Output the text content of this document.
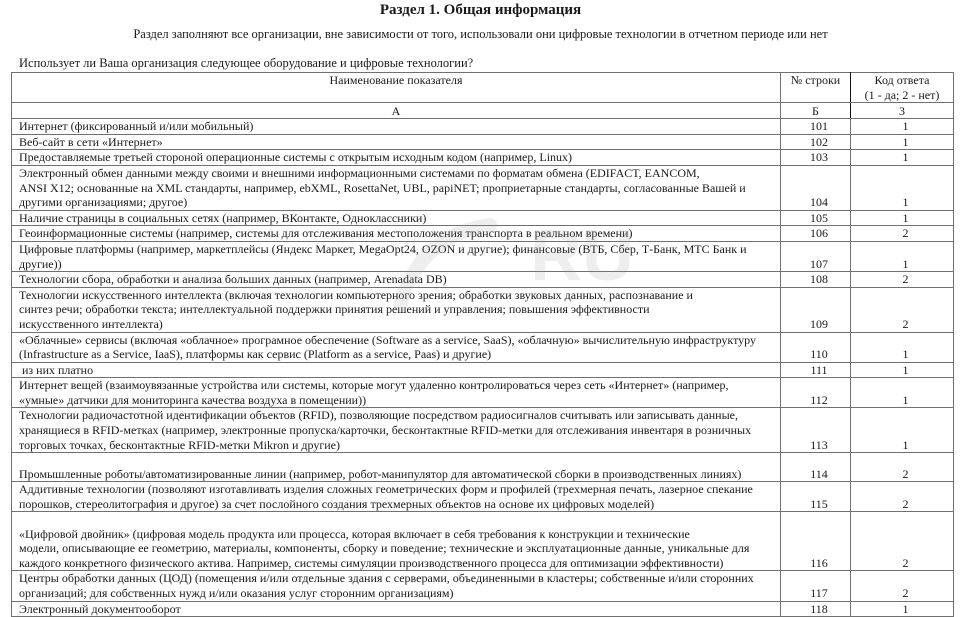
Раздел 1. Общая информация
Раздел заполняют все организации, вне зависимости от того, использовали они цифровые технологии в отчетном периоде или нет
Использует ли Ваша организация следующее оборудование и цифровые технологии?
Наименование показателя	№ строки	Код ответа
(1 - да; 2 - нет)

А	Б	3

Интернет (фиксированный и/или мобильный)	101	1

Веб-сайт в сети «Интернет»	102	1

Предоставляемые третьей стороной операционные системы с открытым исходным кодом (например, Linux)	103	1

Электронный обмен данными между своими и внешними информационными системами по форматам обмена (EDIFACT, EANCOM,
ANSI X12; основанные на XML стандарты, например, ebXML, RosettaNet, UBL, papiNET; проприетарные стандарты, согласованные Вашей и
другими организациями; другое)	104	1

Наличие страницы в социальных сетях (например, ВКонтакте, Одноклассники)	105	1

Геоинформационные системы (например, системы для отслеживания местоположения транспорта в реальном времени)	106	2

Цифровые платформы (например, маркетплейсы (Яндекс Маркет, MegaOpt24, OZON и другие); финансовые (ВТБ, Сбер, Т-Банк, МТС Банк и
другие))	107	1

Технологии сбора, обработки и анализа больших данных (например, Arenadata DB)	108	2

Технологии искусственного интеллекта (включая технологии компьютерного зрения; обработки звуковых данных, распознавание и
синтез речи; обработки текста; интеллектуальной поддержки принятия решений и управления; повышения эффективности
искусственного интеллекта)	109	2

«Облачные» сервисы (включая «облачное» програмное обеспечение (Software as a service, SaaS), «облачную» вычислительную инфраструктуру
(Infrastructure as a Service, IaaS), платформы как сервис (Platform as a service, Paas) и другие)	110	1

из них платно	111	1

Интернет вещей (взаимоувязанные устройства или системы, которые могут удаленно контролироваться через сеть «Интернет» (например,
«умные» датчики для мониторинга качества воздуха в помещении))	112	1

Технологии радиочастотной идентификации объектов (RFID), позволяющие посредством радиосигналов считывать или записывать данные,
хранящиеся в RFID-метках (например, электронные пропуска/карточки, бесконтактные RFID-метки для отслеживания инвентаря в розничных
торговых точках, бесконтактные RFID-метки Mikron и другие)	113	1

Промышленные роботы/автоматизированные линии (например, робот-манипулятор для автоматической сборки в производственных линиях)	114	2

Аддитивные технологии (позволяют изготавливать изделия сложных геометрических форм и профилей (трехмерная печать, лазерное спекание
порошков, стереолитография и другое) за счет послойного создания трехмерных объектов на основе их цифровых моделей)	115	2

«Цифровой двойник» (цифровая модель продукта или процесса, которая включает в себя требования к конструкции и технические
модели, описывающие ее геометрию, материалы, компоненты, сборку и поведение; технические и эксплуатационные данные, уникальные для
каждого конкретного физического актива. Например, системы симуляции производственного процесса для оптимизации эффективности)	116	2

Центры обработки данных (ЦОД) (помещения и/или отдельные здания с серверами, объединенными в кластеры; собственные и/или сторонних
организаций; для собственных нужд и/или оказания услуг сторонним организациям)	117	2

Электронный документооборот	118	1
RU
